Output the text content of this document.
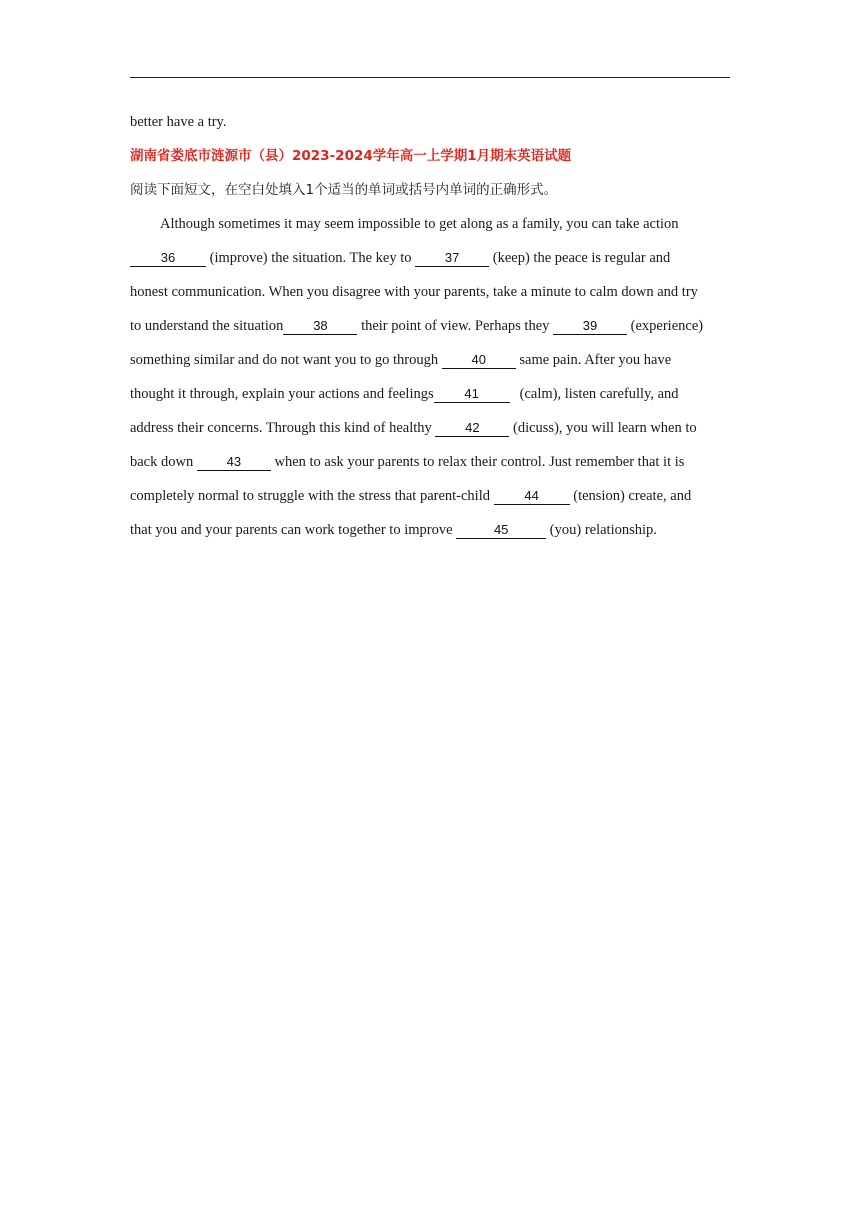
better have a try.
湖南省娄底市涟源市（县）2023-2024学年高一上学期1月期末英语试题
阅读下面短文，在空白处填入1个适当的单词或括号内单词的正确形式。
Although sometimes it may seem impossible to get along as a family, you can take action
36 (improve) the situation. The key to	37 (keep) the peace is regular and
honest communication. When you disagree with your parents, take a minute to calm down and try
to understand the situation 38 their point of view. Perhaps they	39 (experience)
something similar and do not want you to go through	40 same pain. After you have
thought it through, explain your actions and feelings 41	(calm), listen carefully, and
address their concerns. Through this kind of healthy	42 (dicuss), you will learn when to
back down	43 when to ask your parents to relax their control. Just remember that it is
completely normal to struggle with the stress that parent-child	44 (tension) create, and
that you and your parents can work together to improve	45	(you) relationship.
